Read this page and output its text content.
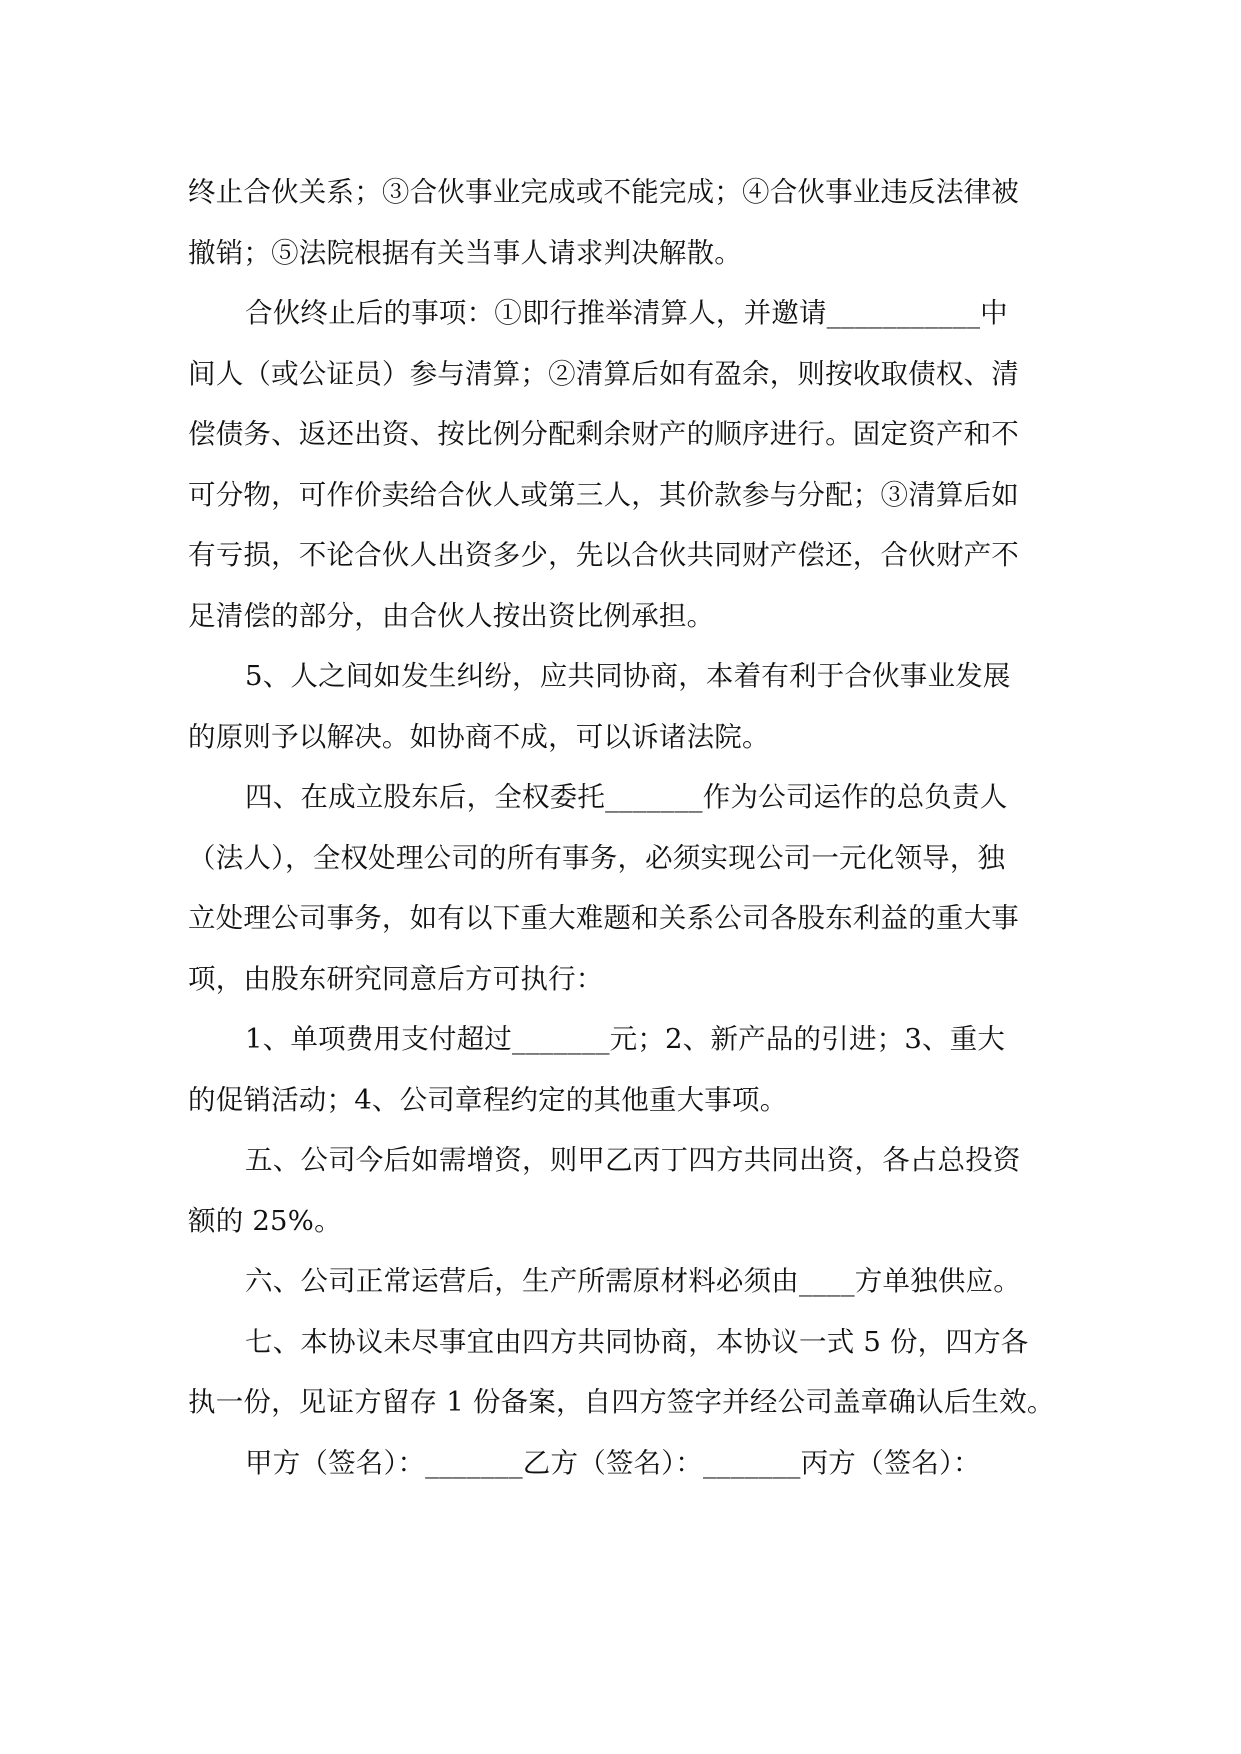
终止合伙关系；③合伙事业完成或不能完成；④合伙事业违反法律被
撤销；⑤法院根据有关当事人请求判决解散。
合伙终止后的事项：①即行推举清算人，并邀请___________中
间人（或公证员）参与清算；②清算后如有盈余，则按收取债权、清
偿债务、返还出资、按比例分配剩余财产的顺序进行。固定资产和不
可分物，可作价卖给合伙人或第三人，其价款参与分配；③清算后如
有亏损，不论合伙人出资多少，先以合伙共同财产偿还，合伙财产不
足清偿的部分，由合伙人按出资比例承担。
5、人之间如发生纠纷，应共同协商，本着有利于合伙事业发展
的原则予以解决。如协商不成，可以诉诸法院。
四、在成立股东后，全权委托_______作为公司运作的总负责人
（法人），全权处理公司的所有事务，必须实现公司一元化领导，独
立处理公司事务，如有以下重大难题和关系公司各股东利益的重大事
项，由股东研究同意后方可执行：
1、单项费用支付超过_______元；2、新产品的引进；3、重大
的促销活动；4、公司章程约定的其他重大事项。
五、公司今后如需增资，则甲乙丙丁四方共同出资，各占总投资
额的 25%。
六、公司正常运营后，生产所需原材料必须由____方单独供应。
七、本协议未尽事宜由四方共同协商，本协议一式 5 份，四方各
执一份，见证方留存 1 份备案，自四方签字并经公司盖章确认后生效。
甲方（签名）：_______乙方（签名）：_______丙方（签名）：
